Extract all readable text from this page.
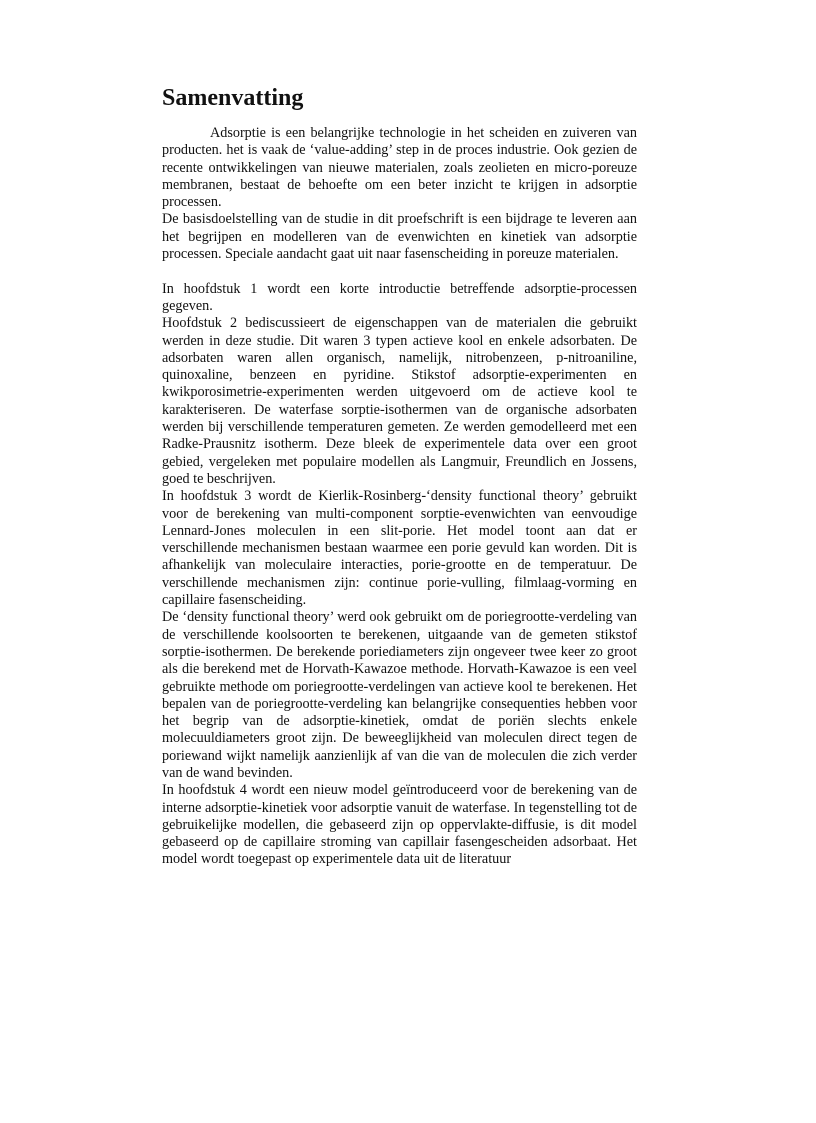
Samenvatting

Adsorptie is een belangrijke technologie in het scheiden en zuiveren van producten. het is vaak de ‘value-adding’ step in de proces industrie. Ook gezien de recente ontwikkelingen van nieuwe materialen, zoals zeolieten en micro-poreuze membranen, bestaat de behoefte om een beter inzicht te krijgen in adsorptie processen.

De basisdoelstelling van de studie in dit proefschrift is een bijdrage te leveren aan het begrijpen en modelleren van de evenwichten en kinetiek van adsorptie processen. Speciale aandacht gaat uit naar fasenscheiding in poreuze materialen.

In hoofdstuk 1 wordt een korte introductie betreffende adsorptie-processen gegeven.

Hoofdstuk 2 bediscussieert de eigenschappen van de materialen die gebruikt werden in deze studie. Dit waren 3 typen actieve kool en enkele adsorbaten. De adsorbaten waren allen organisch, namelijk, nitrobenzeen, p-nitroaniline, quinoxaline, benzeen en pyridine. Stikstof adsorptie-experimenten en kwikporosimetrie-experimenten werden uitgevoerd om de actieve kool te karakteriseren. De waterfase sorptie-isothermen van de organische adsorbaten werden bij verschillende temperaturen gemeten. Ze werden gemodelleerd met een Radke-Prausnitz isotherm. Deze bleek de experimentele data over een groot gebied, vergeleken met populaire modellen als Langmuir, Freundlich en Jossens, goed te beschrijven.

In hoofdstuk 3 wordt de Kierlik-Rosinberg-‘density functional theory’ gebruikt voor de berekening van multi-component sorptie-evenwichten van eenvoudige Lennard-Jones moleculen in een slit-porie. Het model toont aan dat er verschillende mechanismen bestaan waarmee een porie gevuld kan worden. Dit is afhankelijk van moleculaire interacties, porie-grootte en de temperatuur. De verschillende mechanismen zijn: continue porie-vulling, filmlaag-vorming en capillaire fasenscheiding.

De ‘density functional theory’ werd ook gebruikt om de poriegrootte-verdeling van de verschillende koolsoorten te berekenen, uitgaande van de gemeten stikstof sorptie-isothermen. De berekende poriediameters zijn ongeveer twee keer zo groot als die berekend met de Horvath-Kawazoe methode. Horvath-Kawazoe is een veel gebruikte methode om poriegrootte-verdelingen van actieve kool te berekenen. Het bepalen van de poriegrootte-verdeling kan belangrijke consequenties hebben voor het begrip van de adsorptie-kinetiek, omdat de poriën slechts enkele molecuuldiameters groot zijn. De beweeglijkheid van moleculen direct tegen de poriewand wijkt namelijk aanzienlijk af van die van de moleculen die zich verder van de wand bevinden.

In hoofdstuk 4 wordt een nieuw model geïntroduceerd voor de berekening van de interne adsorptie-kinetiek voor adsorptie vanuit de waterfase. In tegenstelling tot de gebruikelijke modellen, die gebaseerd zijn op oppervlakte-diffusie, is dit model gebaseerd op de capillaire stroming van capillair fasengescheiden adsorbaat. Het model wordt toegepast op experimentele data uit de literatuur
